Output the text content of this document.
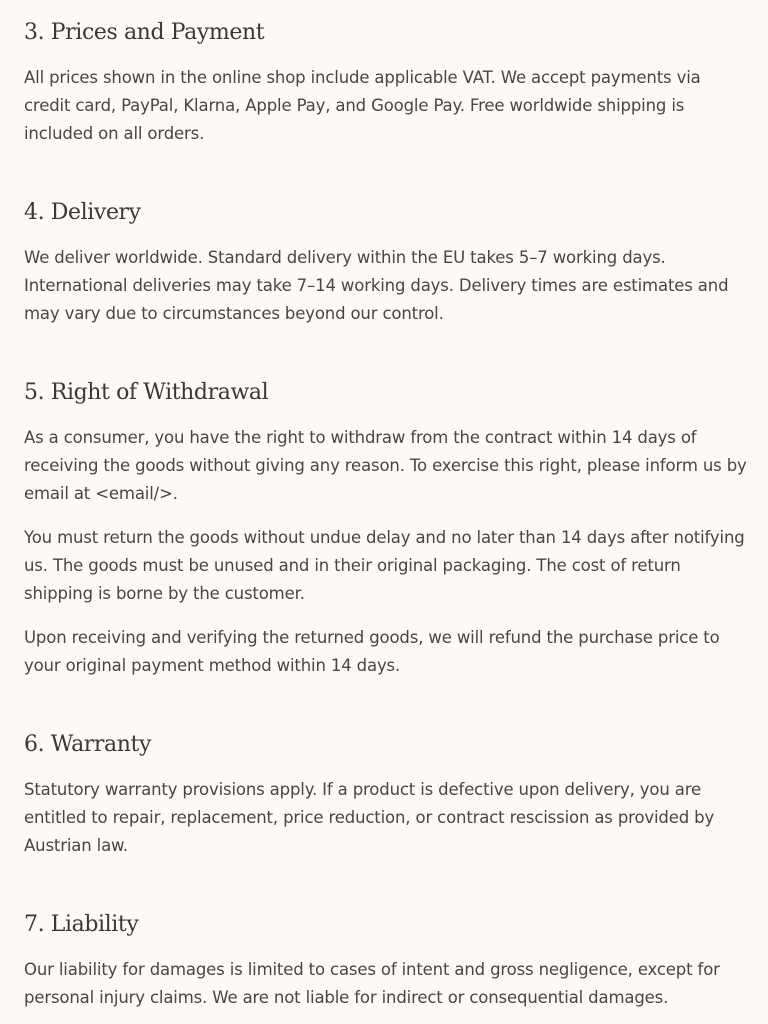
3. Prices and Payment

All prices shown in the online shop include applicable VAT. We accept payments via credit card, PayPal, Klarna, Apple Pay, and Google Pay. Free worldwide shipping is included on all orders.

4. Delivery

We deliver worldwide. Standard delivery within the EU takes 5–7 working days. International deliveries may take 7–14 working days. Delivery times are estimates and may vary due to circumstances beyond our control.

5. Right of Withdrawal

As a consumer, you have the right to withdraw from the contract within 14 days of receiving the goods without giving any reason. To exercise this right, please inform us by email at <email/>.

You must return the goods without undue delay and no later than 14 days after notifying us. The goods must be unused and in their original packaging. The cost of return shipping is borne by the customer.

Upon receiving and verifying the returned goods, we will refund the purchase price to your original payment method within 14 days.

6. Warranty

Statutory warranty provisions apply. If a product is defective upon delivery, you are entitled to repair, replacement, price reduction, or contract rescission as provided by Austrian law.

7. Liability

Our liability for damages is limited to cases of intent and gross negligence, except for personal injury claims. We are not liable for indirect or consequential damages.
